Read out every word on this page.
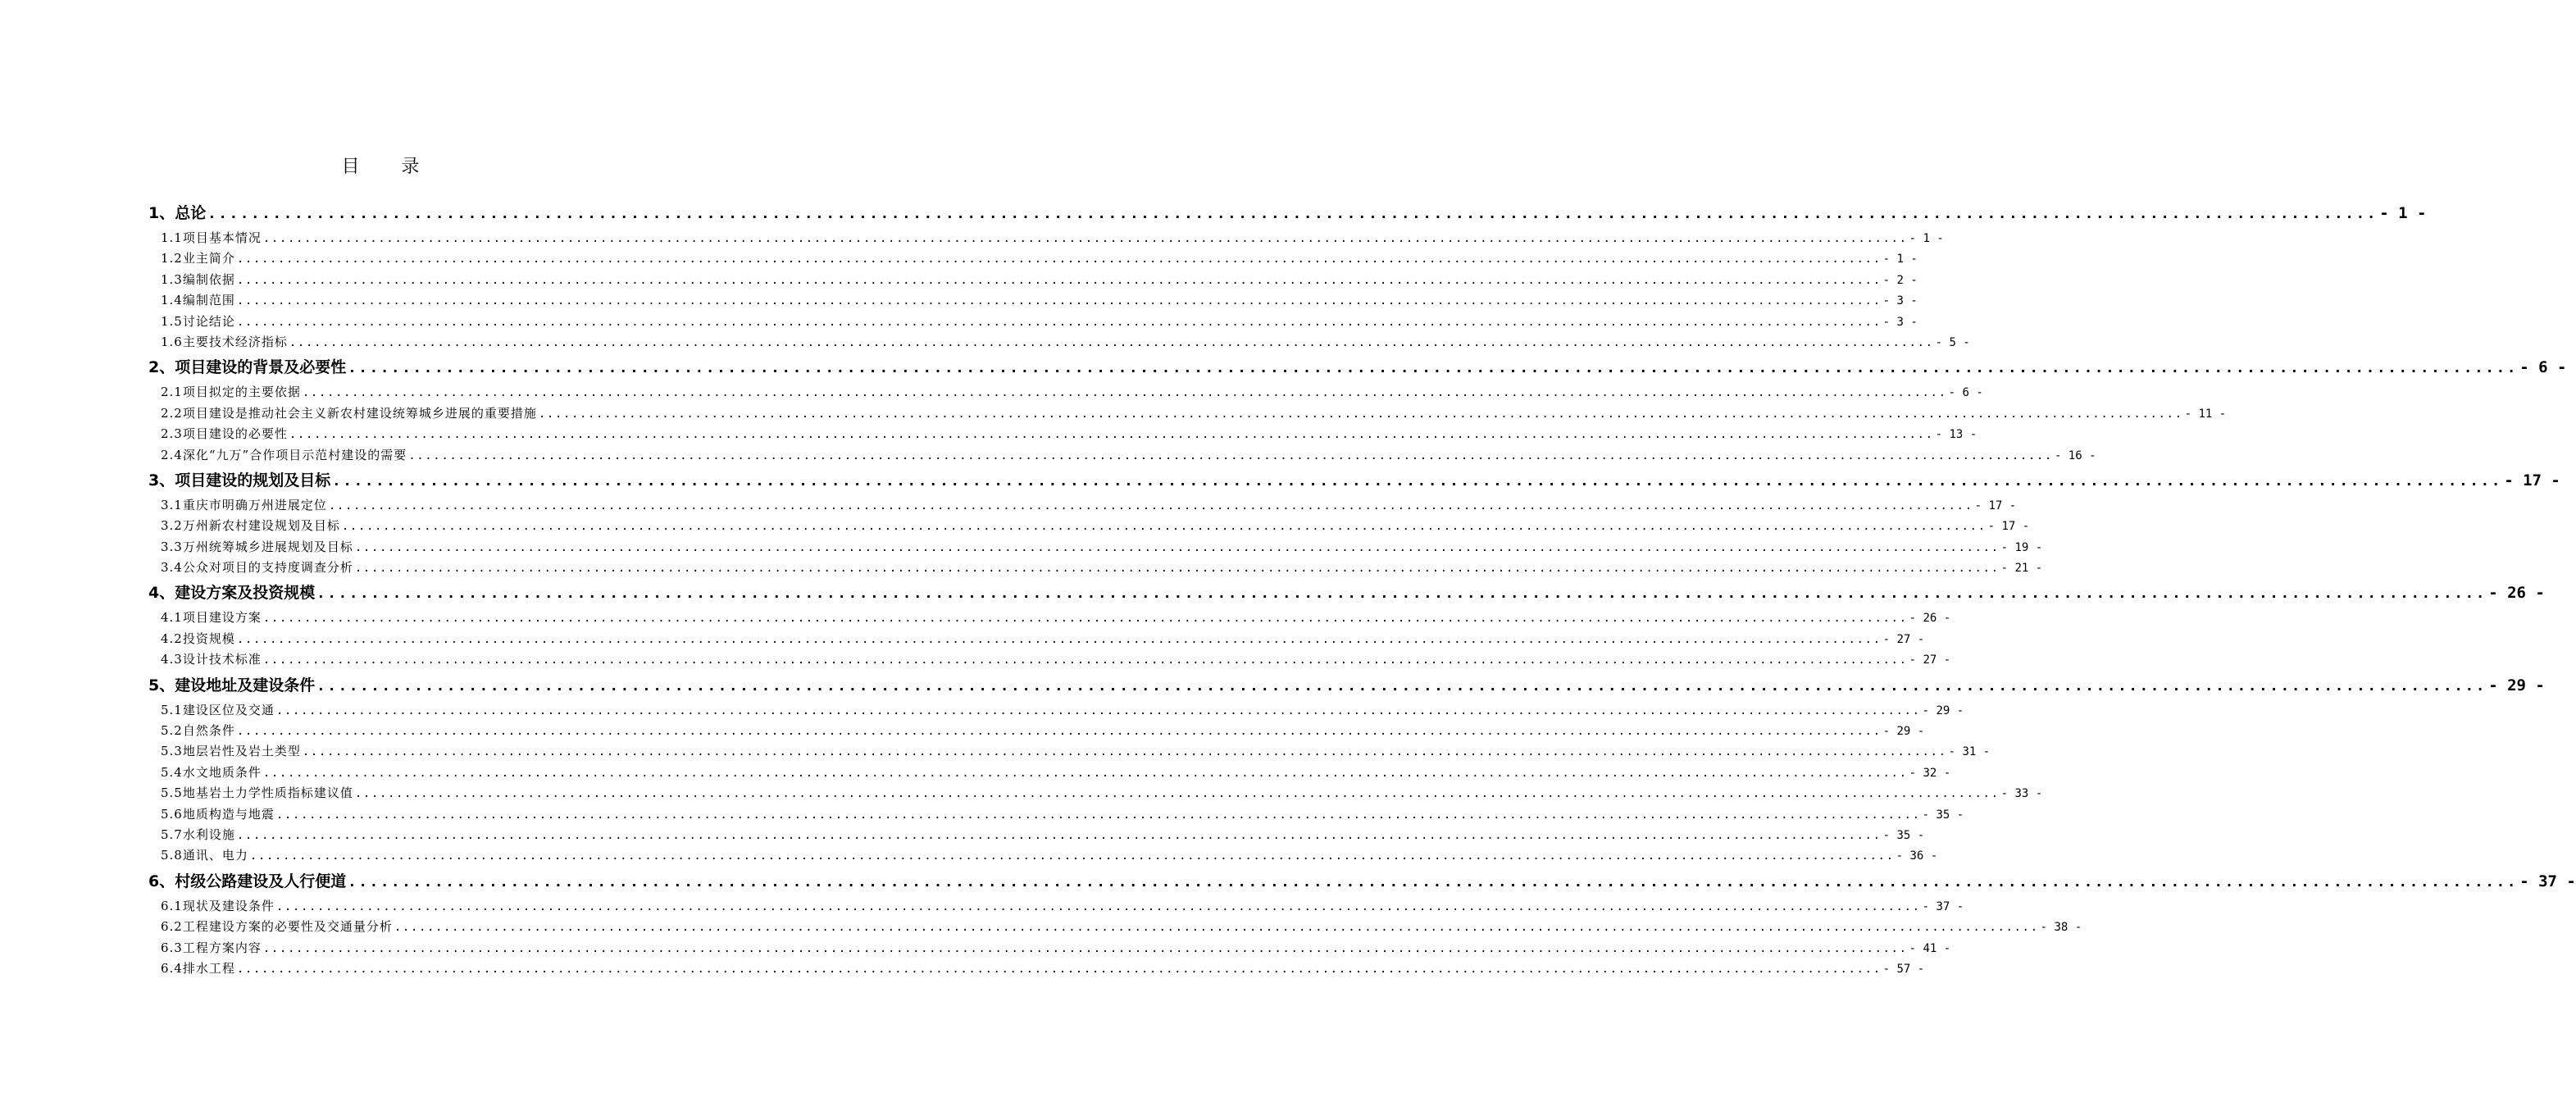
目 录
1、总论 ........................................................................................................................................................................................................ - 1 -
1.1项目基本情况 ........................................................................................................................................................................................................ - 1 -
1.2业主简介 ........................................................................................................................................................................................................ - 1 -
1.3编制依据 ........................................................................................................................................................................................................ - 2 -
1.4编制范围 ........................................................................................................................................................................................................ - 3 -
1.5讨论结论 ........................................................................................................................................................................................................ - 3 -
1.6主要技术经济指标 ........................................................................................................................................................................................................ - 5 -
2、项目建设的背景及必要性 ........................................................................................................................................................................................................ - 6 -
2.1项目拟定的主要依据 ........................................................................................................................................................................................................ - 6 -
2.2项目建设是推动社会主义新农村建设统筹城乡进展的重要措施 ........................................................................................................................................................................................................ - 11 -
2.3项目建设的必要性 ........................................................................................................................................................................................................ - 13 -
2.4深化“九万”合作项目示范村建设的需要 ........................................................................................................................................................................................................ - 16 -
3、项目建设的规划及目标 ........................................................................................................................................................................................................ - 17 -
3.1重庆市明确万州进展定位 ........................................................................................................................................................................................................ - 17 -
3.2万州新农村建设规划及目标 ........................................................................................................................................................................................................ - 17 -
3.3万州统筹城乡进展规划及目标 ........................................................................................................................................................................................................ - 19 -
3.4公众对项目的支持度调查分析 ........................................................................................................................................................................................................ - 21 -
4、建设方案及投资规模 ........................................................................................................................................................................................................ - 26 -
4.1项目建设方案 ........................................................................................................................................................................................................ - 26 -
4.2投资规模 ........................................................................................................................................................................................................ - 27 -
4.3设计技术标准 ........................................................................................................................................................................................................ - 27 -
5、建设地址及建设条件 ........................................................................................................................................................................................................ - 29 -
5.1建设区位及交通 ........................................................................................................................................................................................................ - 29 -
5.2自然条件 ........................................................................................................................................................................................................ - 29 -
5.3地层岩性及岩土类型 ........................................................................................................................................................................................................ - 31 -
5.4水文地质条件 ........................................................................................................................................................................................................ - 32 -
5.5地基岩土力学性质指标建议值 ........................................................................................................................................................................................................ - 33 -
5.6地质构造与地震 ........................................................................................................................................................................................................ - 35 -
5.7水利设施 ........................................................................................................................................................................................................ - 35 -
5.8通讯、电力 ........................................................................................................................................................................................................ - 36 -
6、村级公路建设及人行便道 ........................................................................................................................................................................................................ - 37 -
6.1现状及建设条件 ........................................................................................................................................................................................................ - 37 -
6.2工程建设方案的必要性及交通量分析 ........................................................................................................................................................................................................ - 38 -
6.3工程方案内容 ........................................................................................................................................................................................................ - 41 -
6.4排水工程 ........................................................................................................................................................................................................ - 57 -
